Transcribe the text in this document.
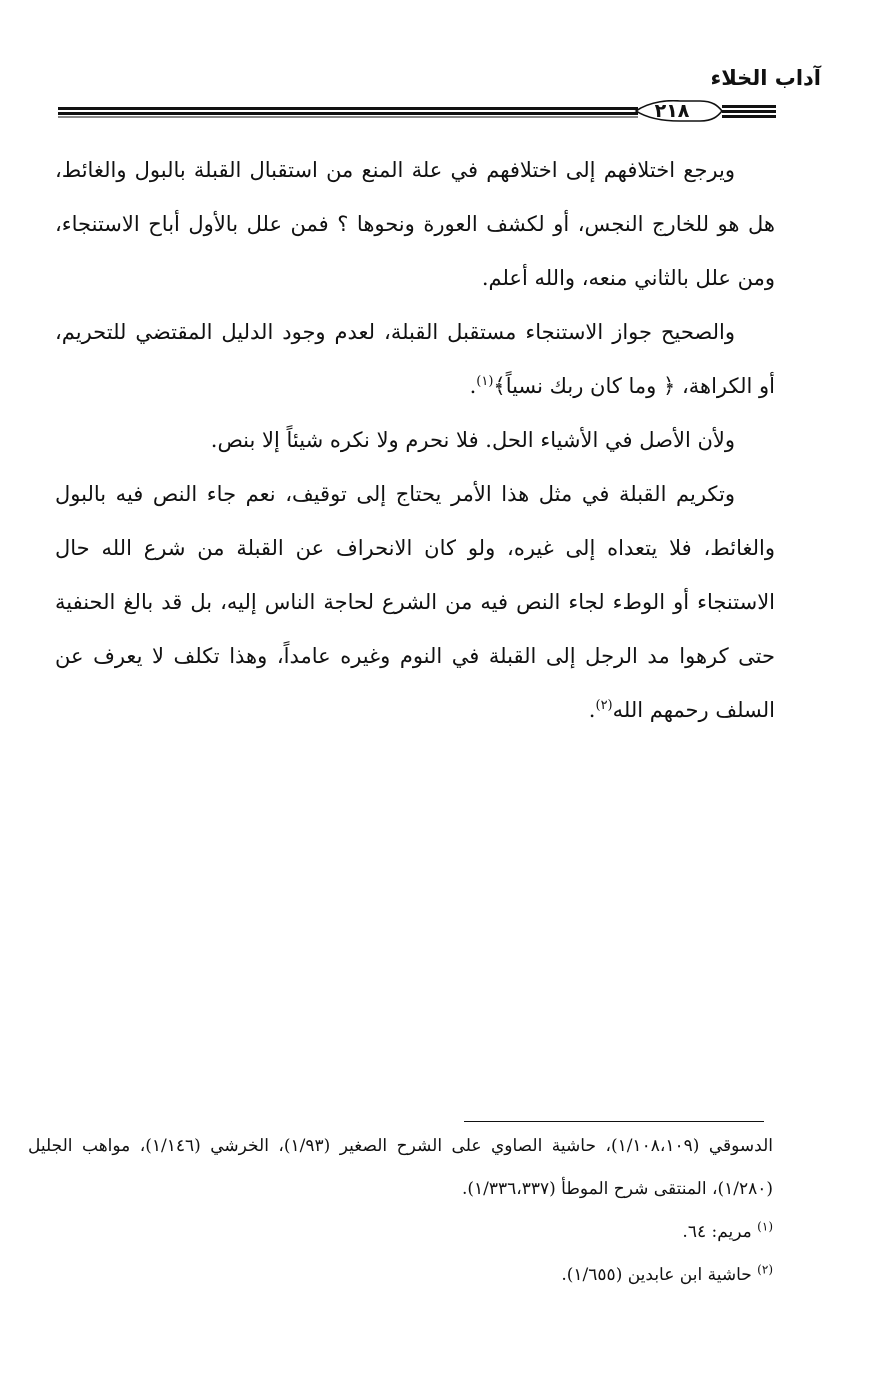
آداب الخلاء
٢١٨

ويرجع اختلافهم إلى اختلافهم في علة المنع من استقبال القبلة بالبول والغائط، هل هو للخارج النجس، أو لكشف العورة ونحوها ؟ فمن علل بالأول أباح الاستنجاء، ومن علل بالثاني منعه، والله أعلم.

والصحيح جواز الاستنجاء مستقبل القبلة، لعدم وجود الدليل المقتضي للتحريم، أو الكراهة، ﴿ وما كان ربك نسياً﴾$^{(١)}$.

ولأن الأصل في الأشياء الحل. فلا نحرم ولا نكره شيئاً إلا بنص.

وتكريم القبلة في مثل هذا الأمر يحتاج إلى توقيف، نعم جاء النص فيه بالبول والغائط، فلا يتعداه إلى غيره، ولو كان الانحراف عن القبلة من شرع الله حال الاستنجاء أو الوطء لجاء النص فيه من الشرع لحاجة الناس إليه، بل قد بالغ الحنفية حتى كرهوا مد الرجل إلى القبلة في النوم وغيره عامداً، وهذا تكلف لا يعرف عن السلف رحمهم الله$^{(٢)}$.

الدسوقي (١/١٠٨،١٠٩)، حاشية الصاوي على الشرح الصغير (١/٩٣)، الخرشي (١/١٤٦)، مواهب الجليل (١/٢٨٠)، المنتقى شرح الموطأ (١/٣٣٦،٣٣٧).

$^{(١)}$ مريم: ٦٤.

$^{(٢)}$ حاشية ابن عابدين (١/٦٥٥).
